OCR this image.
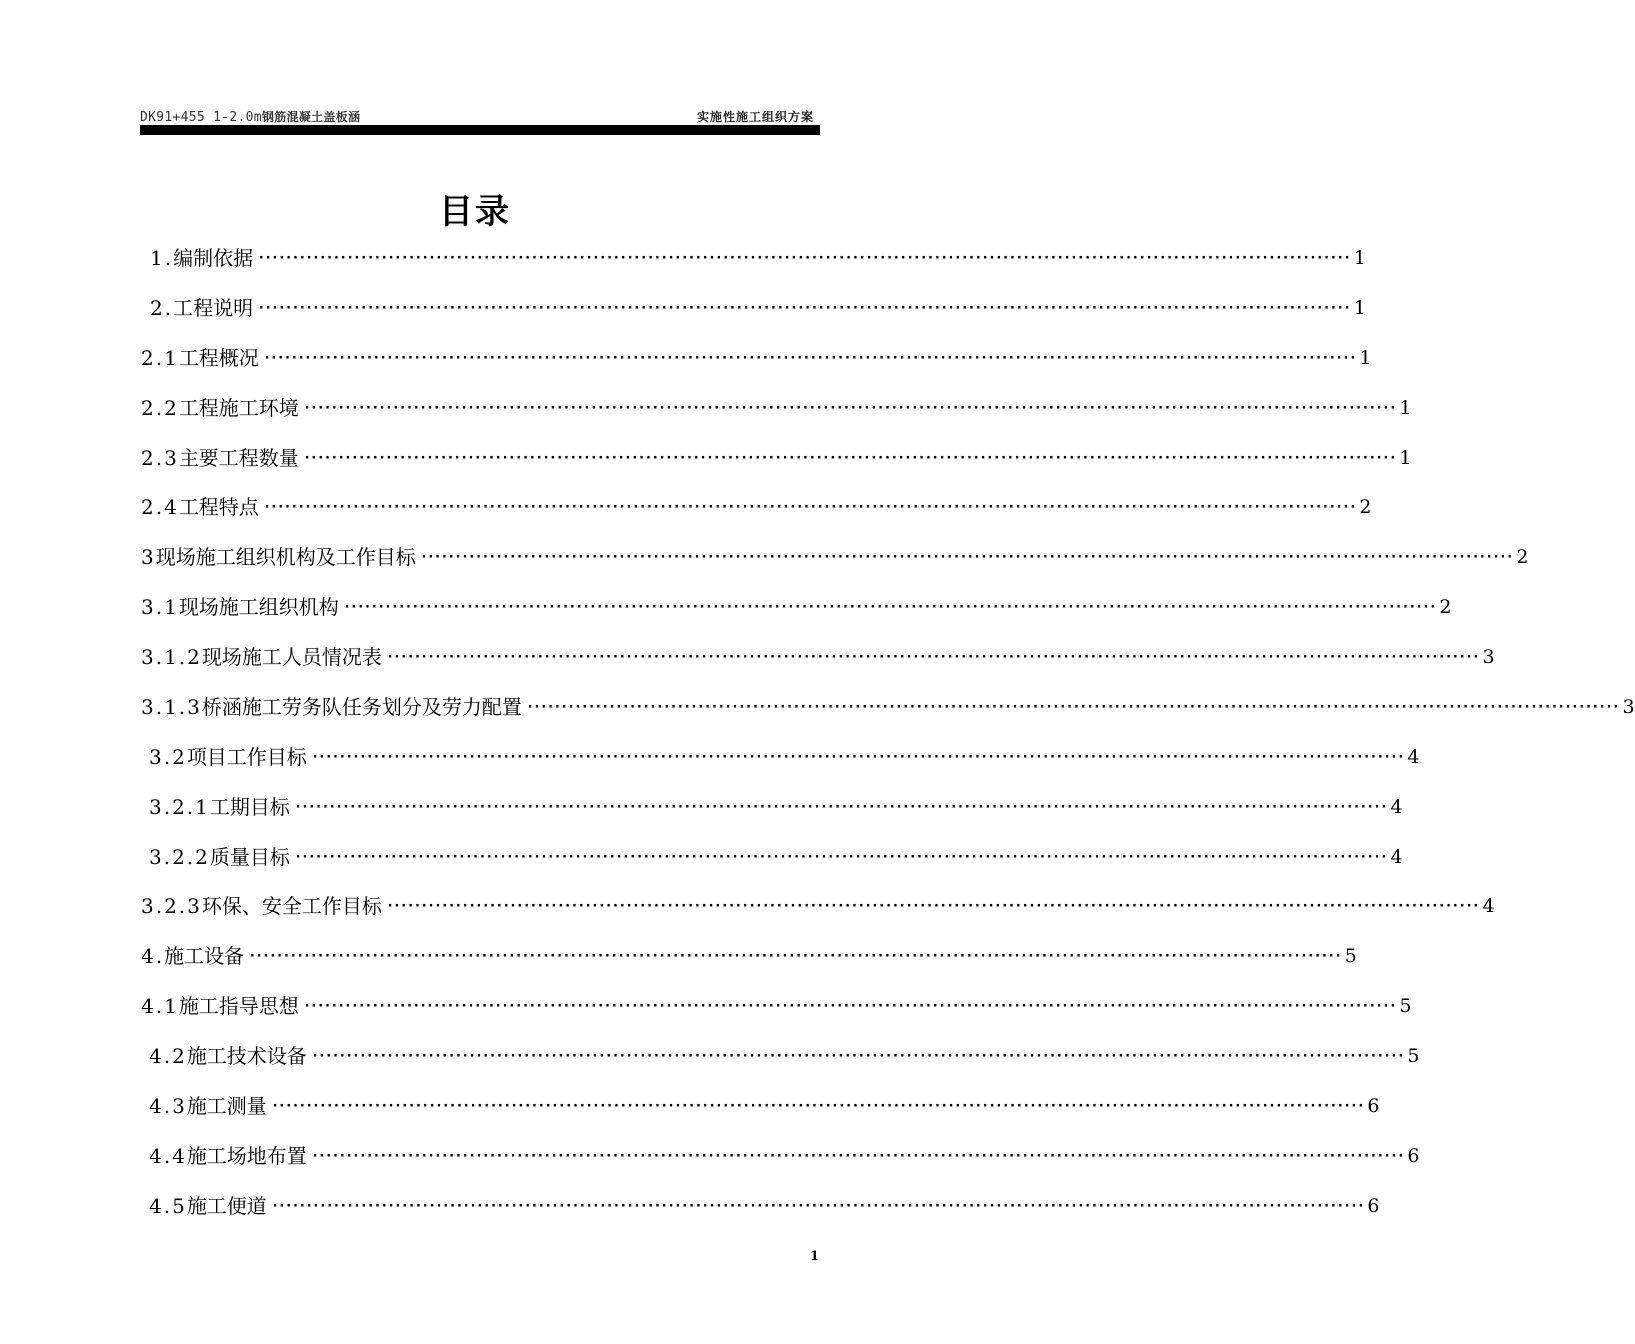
DK91+455 1-2.0m钢筋混凝土盖板涵	实施性施工组织方案
目录
1.编制依据 ································································································································································ 1
2.工程说明 ································································································································································ 1
2.1工程概况 ································································································································································ 1
2.2工程施工环境 ································································································································································ 1
2.3主要工程数量 ································································································································································ 1
2.4工程特点 ································································································································································ 2
3现场施工组织机构及工作目标 ································································································································································ 2
3.1现场施工组织机构 ································································································································································ 2
3.1.2现场施工人员情况表 ································································································································································ 3
3.1.3桥涵施工劳务队任务划分及劳力配置 ································································································································································ 3
3.2项目工作目标 ································································································································································ 4
3.2.1工期目标 ································································································································································ 4
3.2.2质量目标 ································································································································································ 4
3.2.3环保、安全工作目标 ································································································································································ 4
4.施工设备 ································································································································································ 5
4.1施工指导思想 ································································································································································ 5
4.2施工技术设备 ································································································································································ 5
4.3施工测量 ································································································································································ 6
4.4施工场地布置 ································································································································································ 6
4.5施工便道 ································································································································································ 6
1
